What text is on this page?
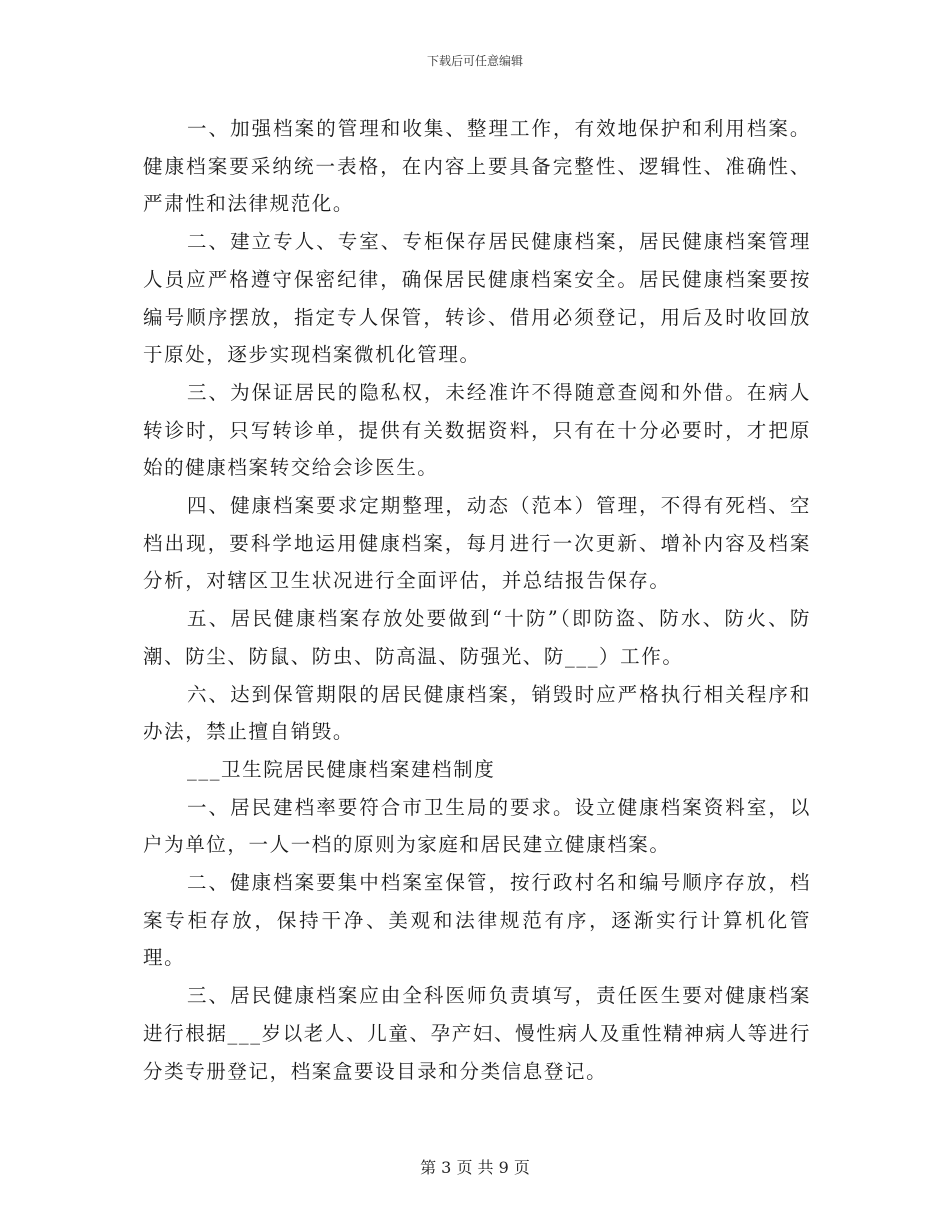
下载后可任意编辑

一、加强档案的管理和收集、整理工作，有效地保护和利用档案。健康档案要采纳统一表格，在内容上要具备完整性、逻辑性、准确性、严肃性和法律规范化。

二、建立专人、专室、专柜保存居民健康档案，居民健康档案管理人员应严格遵守保密纪律，确保居民健康档案安全。居民健康档案要按编号顺序摆放，指定专人保管，转诊、借用必须登记，用后及时收回放于原处，逐步实现档案微机化管理。

三、为保证居民的隐私权，未经准许不得随意查阅和外借。在病人转诊时，只写转诊单，提供有关数据资料，只有在十分必要时，才把原始的健康档案转交给会诊医生。

四、健康档案要求定期整理，动态（范本）管理，不得有死档、空档出现，要科学地运用健康档案，每月进行一次更新、增补内容及档案分析，对辖区卫生状况进行全面评估，并总结报告保存。

五、居民健康档案存放处要做到“十防”（即防盗、防水、防火、防潮、防尘、防鼠、防虫、防高温、防强光、防___）工作。

六、达到保管期限的居民健康档案，销毁时应严格执行相关程序和办法，禁止擅自销毁。

___卫生院居民健康档案建档制度

一、居民建档率要符合市卫生局的要求。设立健康档案资料室，以户为单位，一人一档的原则为家庭和居民建立健康档案。

二、健康档案要集中档案室保管，按行政村名和编号顺序存放，档案专柜存放，保持干净、美观和法律规范有序，逐渐实行计算机化管理。

三、居民健康档案应由全科医师负责填写，责任医生要对健康档案进行根据___岁以老人、儿童、孕产妇、慢性病人及重性精神病人等进行分类专册登记，档案盒要设目录和分类信息登记。

第 3 页 共 9 页
